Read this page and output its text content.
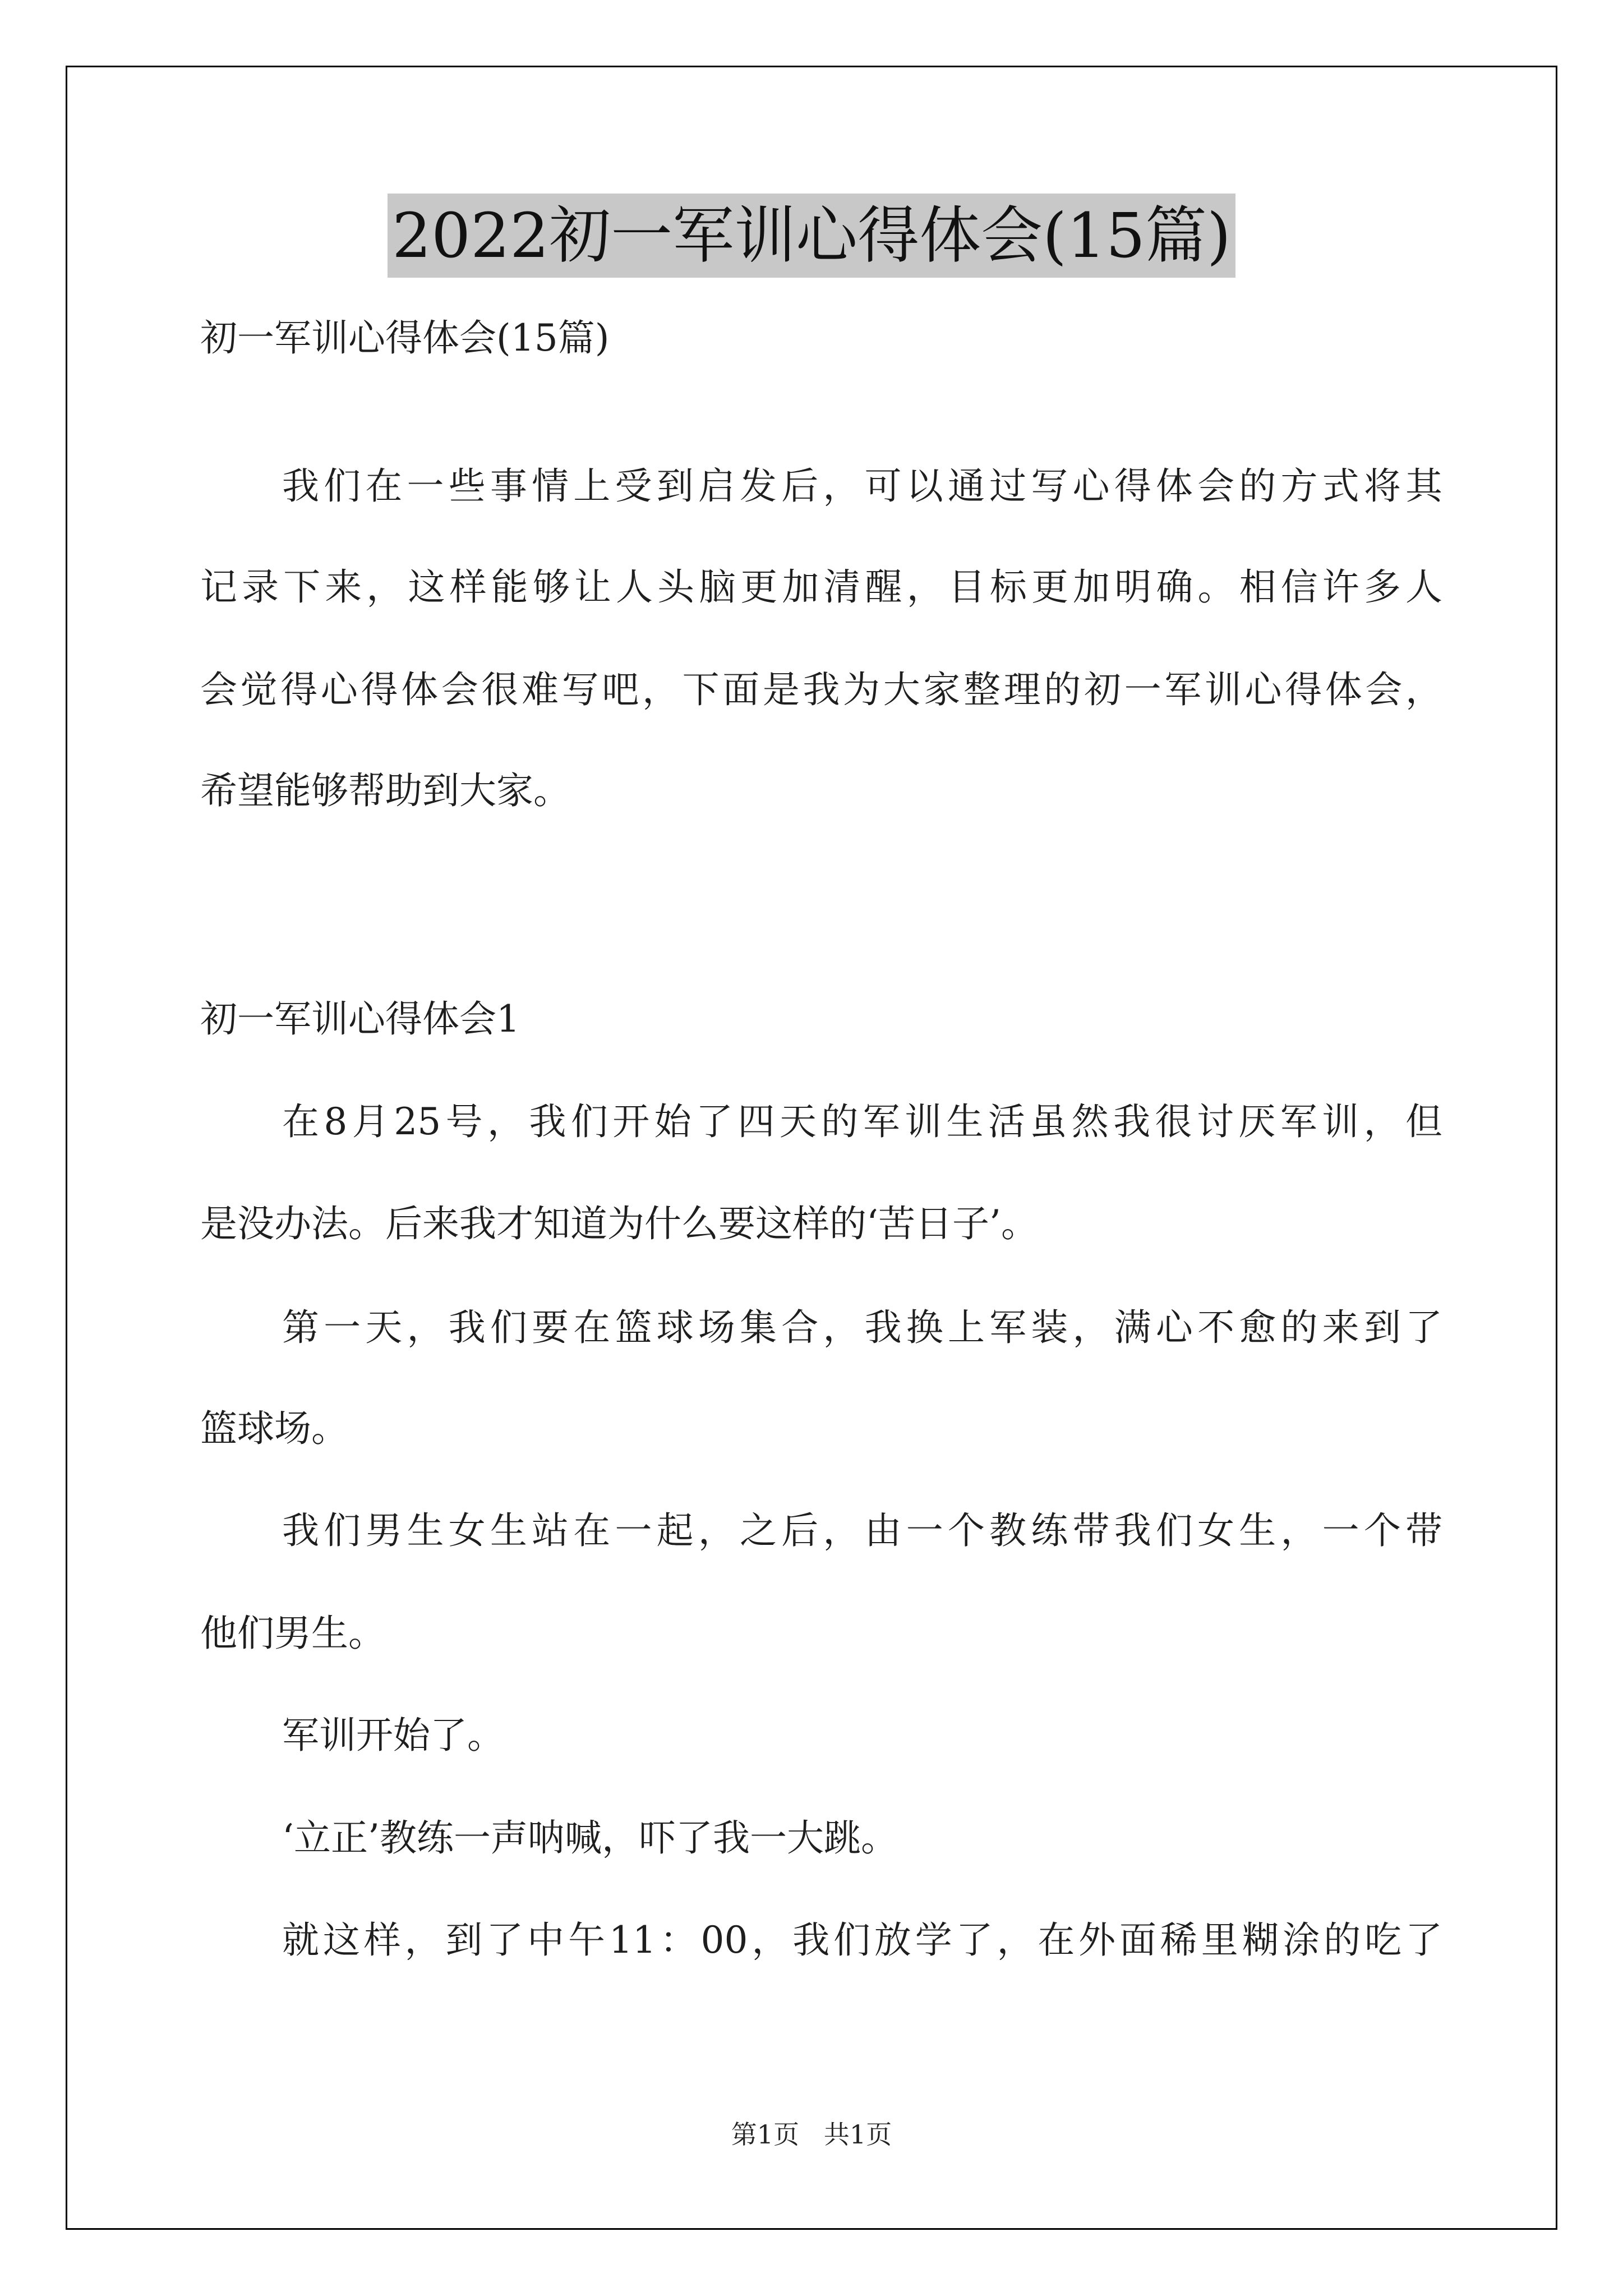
2022初一军训心得体会(15篇)
初一军训心得体会(15篇)
我们在一些事情上受到启发后，可以通过写心得体会的方式将其
记录下来，这样能够让人头脑更加清醒，目标更加明确。相信许多人
会觉得心得体会很难写吧，下面是我为大家整理的初一军训心得体会，
希望能够帮助到大家。
初一军训心得体会1
在8月25号，我们开始了四天的军训生活虽然我很讨厌军训，但
是没办法。后来我才知道为什么要这样的‘苦日子’。
第一天，我们要在篮球场集合，我换上军装，满心不愈的来到了
篮球场。
我们男生女生站在一起，之后，由一个教练带我们女生，一个带
他们男生。
军训开始了。
‘立正’教练一声呐喊，吓了我一大跳。
就这样，到了中午11：00，我们放学了，在外面稀里糊涂的吃了
第1页   共1页
